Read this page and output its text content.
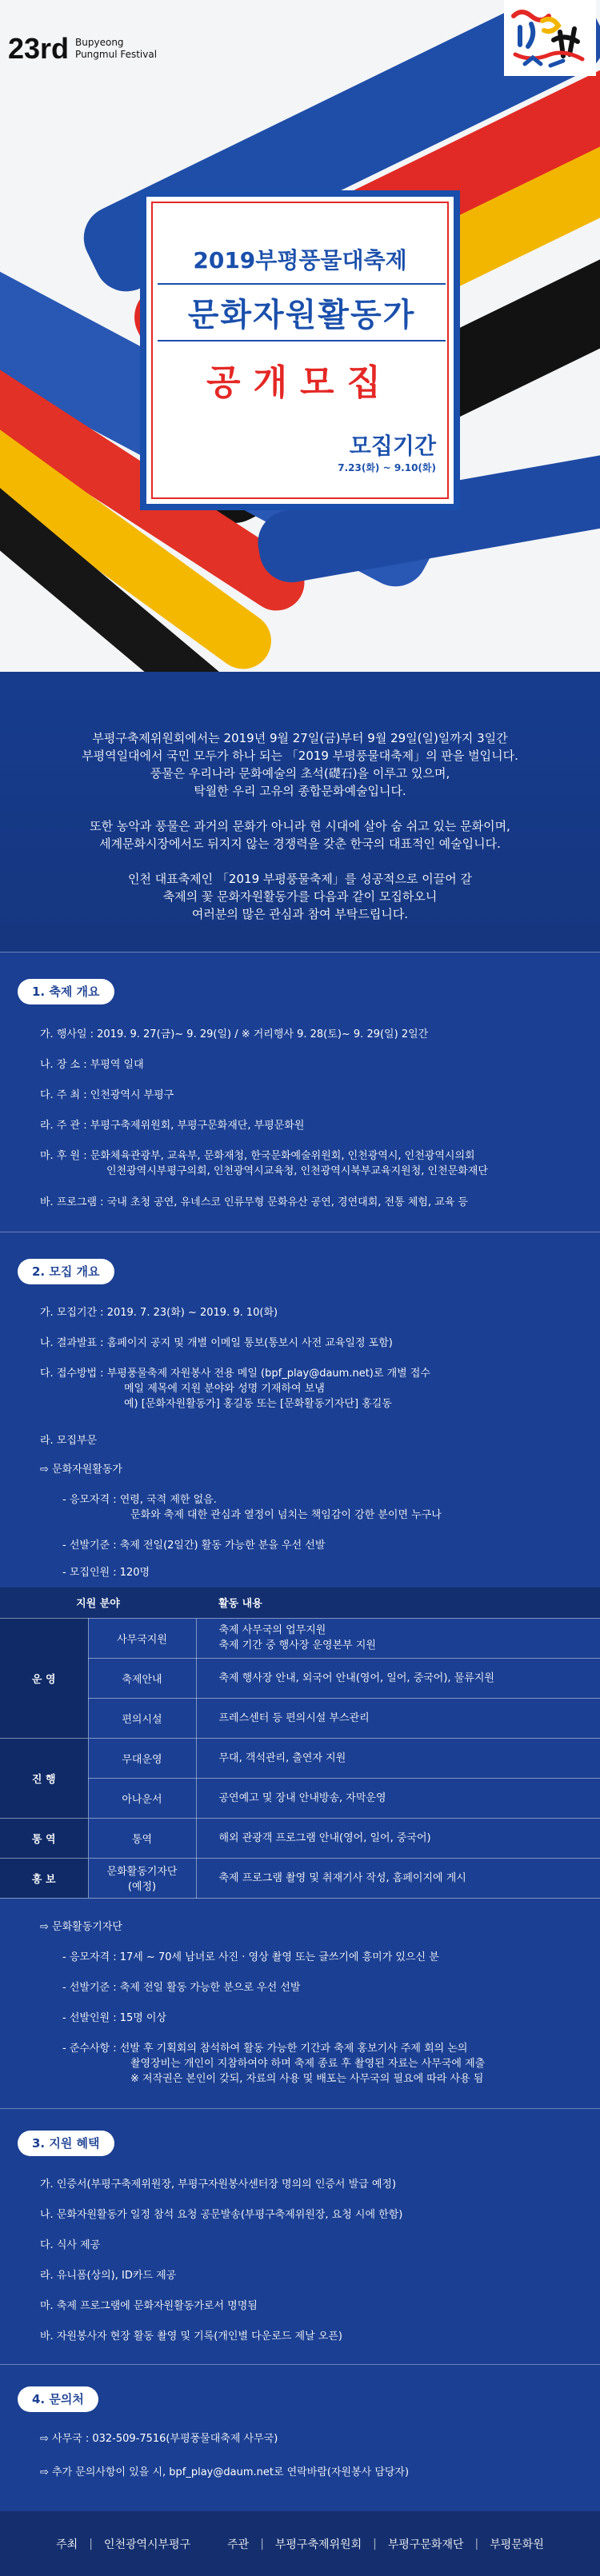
23rd Bupyeong
Pungmul Festival
2019부평풍물대축제
문화자원활동가
공개모집
모집기간
7.23(화) ~ 9.10(화)

부평구축제위원회에서는 2019년 9월 27일(금)부터 9월 29일(일)일까지 3일간
부평역일대에서 국민 모두가 하나 되는 「2019 부평풍물대축제」의 판을 벌입니다.
풍물은 우리나라 문화예술의 초석(礎石)을 이루고 있으며,
탁월한 우리 고유의 종합문화예술입니다.

또한 농악과 풍물은 과거의 문화가 아니라 현 시대에 살아 숨 쉬고 있는 문화이며,
세계문화시장에서도 뒤지지 않는 경쟁력을 갖춘 한국의 대표적인 예술입니다.

인천 대표축제인 「2019 부평풍물축제」를 성공적으로 이끌어 갈
축제의 꽃 문화자원활동가를 다음과 같이 모집하오니
여러분의 많은 관심과 참여 부탁드립니다.

1. 축제 개요
가. 행사일 : 2019. 9. 27(금)~ 9. 29(일) / ※ 거리행사 9. 28(토)~ 9. 29(일) 2일간
나. 장 소 : 부평역 일대
다. 주 최 : 인천광역시 부평구
라. 주 관 : 부평구축제위원회, 부평구문화재단, 부평문화원
마. 후 원 : 문화체육관광부, 교육부, 문화재청, 한국문화예술위원회, 인천광역시, 인천광역시의회
인천광역시부평구의회, 인천광역시교육청, 인천광역시북부교육지원청, 인천문화재단
바. 프로그램 : 국내 초청 공연, 유네스코 인류무형 문화유산 공연, 경연대회, 전통 체험, 교육 등
2. 모집 개요
가. 모집기간 : 2019. 7. 23(화) ~ 2019. 9. 10(화)
나. 결과발표 : 홈페이지 공지 및 개별 이메일 통보(통보시 사전 교육일정 포함)
다. 접수방법 : 부평풍물축제 자원봉사 전용 메일 (bpf_play@daum.net)로 개별 접수
메일 제목에 지원 분야와 성명 기재하여 보냄
예) [문화자원활동가] 홍길동 또는 [문화활동기자단] 홍길동
라. 모집부문
⇨ 문화자원활동가
- 응모자격 : 연령, 국적 제한 없음.
문화와 축제 대한 관심과 열정이 넘치는 책임감이 강한 분이면 누구나
- 선발기준 : 축제 전일(2일간) 활동 가능한 분을 우선 선발
- 모집인원 : 120명
지원 분야		활동 내용
운 영	사무국지원	축제 사무국의 업무지원
축제 기간 중 행사장 운영본부 지원
	축제안내	축제 행사장 안내, 외국어 안내(영어, 일어, 중국어), 물류지원
	편의시설	프레스센터 등 편의시설 부스관리
진 행	무대운영	무대, 객석관리, 출연자 지원
	아나운서	공연예고 및 장내 안내방송, 자막운영
통 역	통역	해외 관광객 프로그램 안내(영어, 일어, 중국어)
홍 보	문화활동기자단
(예정)	축제 프로그램 촬영 및 취재기사 작성, 홈페이지에 게시
⇨ 문화활동기자단
- 응모자격 : 17세 ~ 70세 남녀로 사진 · 영상 촬영 또는 글쓰기에 흥미가 있으신 분
- 선발기준 : 축제 전일 활동 가능한 분으로 우선 선발
- 선발인원 : 15명 이상
- 준수사항 : 선발 후 기획회의 참석하여 활동 가능한 기간과 축제 홍보기사 주제 회의 논의
촬영장비는 개인이 지참하여야 하며 축제 종료 후 촬영된 자료는 사무국에 제출
※ 저작권은 본인이 갖되, 자료의 사용 및 배포는 사무국의 필요에 따라 사용 됨
3. 지원 혜택
가. 인증서(부평구축제위원장, 부평구자원봉사센터장 명의의 인증서 발급 예정)
나. 문화자원활동가 일정 참석 요청 공문발송(부평구축제위원장, 요청 시에 한함)
다. 식사 제공
라. 유니폼(상의), ID카드 제공
마. 축제 프로그램에 문화자원활동가로서 명명됨
바. 자원봉사자 현장 활동 촬영 및 기록(개인별 다운로드 제날 오픈)
4. 문의처
⇨ 사무국 : 032-509-7516(부평풍물대축제 사무국)
⇨ 추가 문의사항이 있을 시, bpf_play@daum.net로 연락바람(자원봉사 담당자)
주최 | 인천광역시부평구	주관 | 부평구축제위원회 | 부평구문화재단 | 부평문화원
